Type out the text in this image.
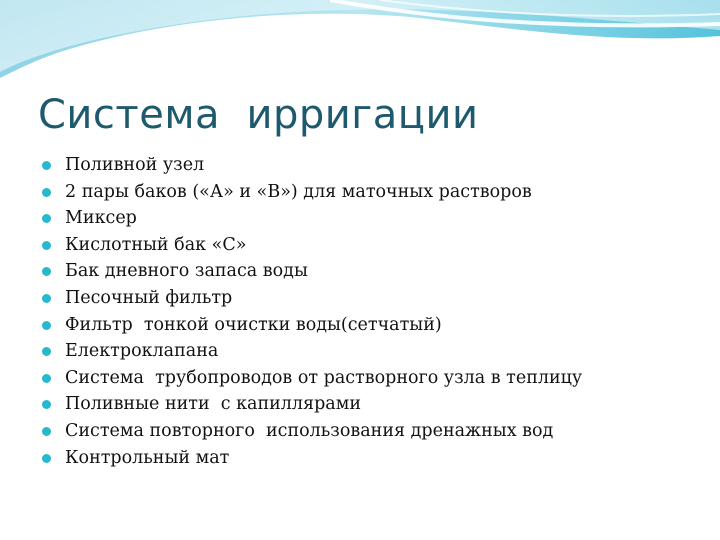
Система  ирригации
Поливной узел
2 пары баков («А» и «В») для маточных растворов
Миксер
Кислотный бак «С»
Бак дневного запаса воды
Песочный фильтр
Фильтр  тонкой очистки воды(сетчатый)
Електроклапана
Система  трубопроводов от растворного узла в теплицу
Поливные нити  с капиллярами
Система повторного  использования дренажных вод
Контрольный мат
